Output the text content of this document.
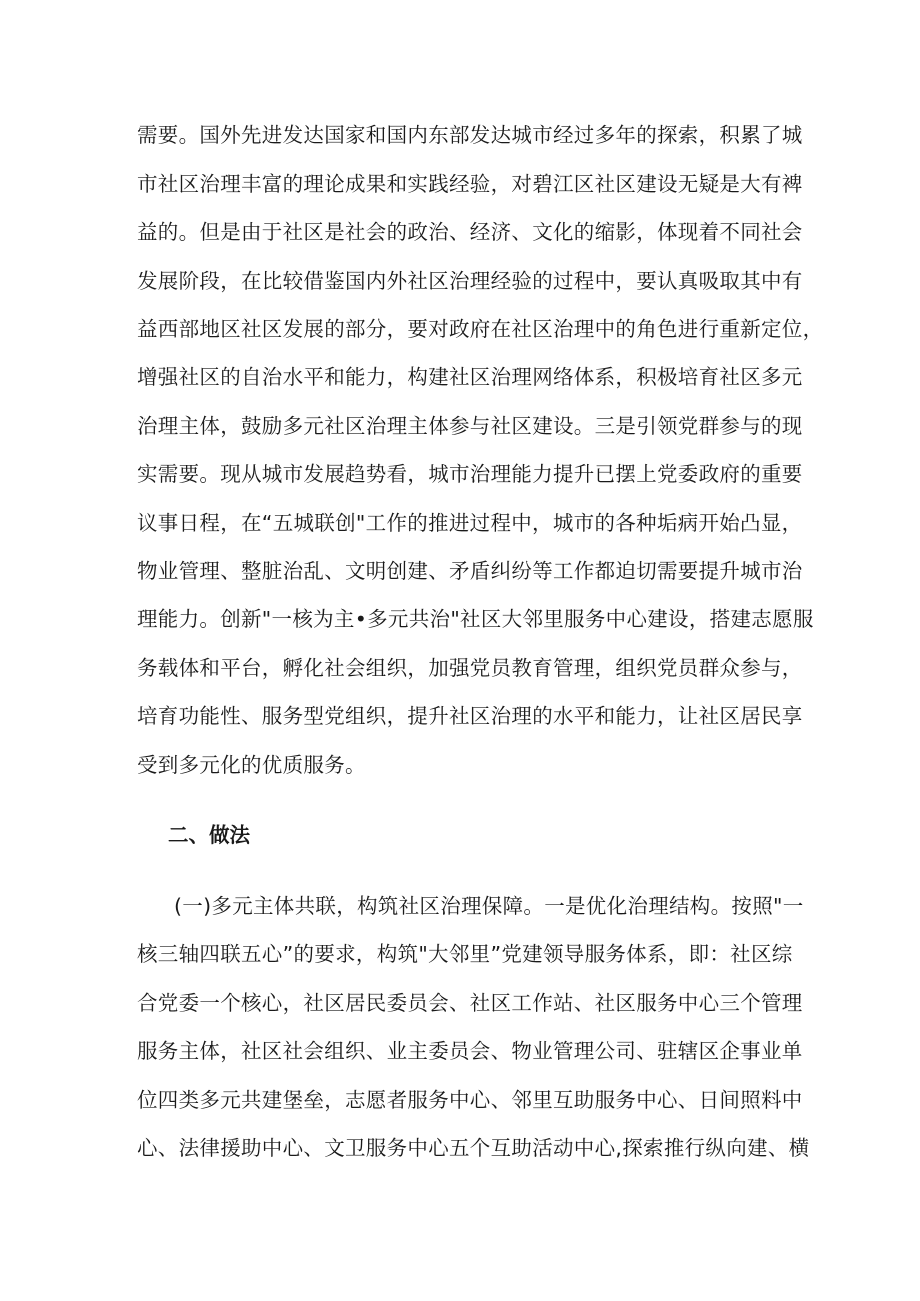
需要。国外先进发达国家和国内东部发达城市经过多年的探索，积累了城
市社区治理丰富的理论成果和实践经验，对碧江区社区建设无疑是大有裨
益的。但是由于社区是社会的政治、经济、文化的缩影，体现着不同社会
发展阶段，在比较借鉴国内外社区治理经验的过程中，要认真吸取其中有
益西部地区社区发展的部分，要对政府在社区治理中的角色进行重新定位，
增强社区的自治水平和能力，构建社区治理网络体系，积极培育社区多元
治理主体，鼓励多元社区治理主体参与社区建设。三是引领党群参与的现
实需要。现从城市发展趋势看，城市治理能力提升已摆上党委政府的重要
议事日程，在“五城联创"工作的推进过程中，城市的各种垢病开始凸显，
物业管理、整脏治乱、文明创建、矛盾纠纷等工作都迫切需要提升城市治
理能力。创新"一核为主•多元共治"社区大邻里服务中心建设，搭建志愿服
务载体和平台，孵化社会组织，加强党员教育管理，组织党员群众参与，
培育功能性、服务型党组织，提升社区治理的水平和能力，让社区居民享
受到多元化的优质服务。
二、做法
(一)多元主体共联，构筑社区治理保障。一是优化治理结构。按照"一
核三轴四联五心”的要求，构筑"大邻里”党建领导服务体系，即：社区综
合党委一个核心，社区居民委员会、社区工作站、社区服务中心三个管理
服务主体，社区社会组织、业主委员会、物业管理公司、驻辖区企事业单
位四类多元共建堡垒，志愿者服务中心、邻里互助服务中心、日间照料中
心、法律援助中心、文卫服务中心五个互助活动中心,探索推行纵向建、横
